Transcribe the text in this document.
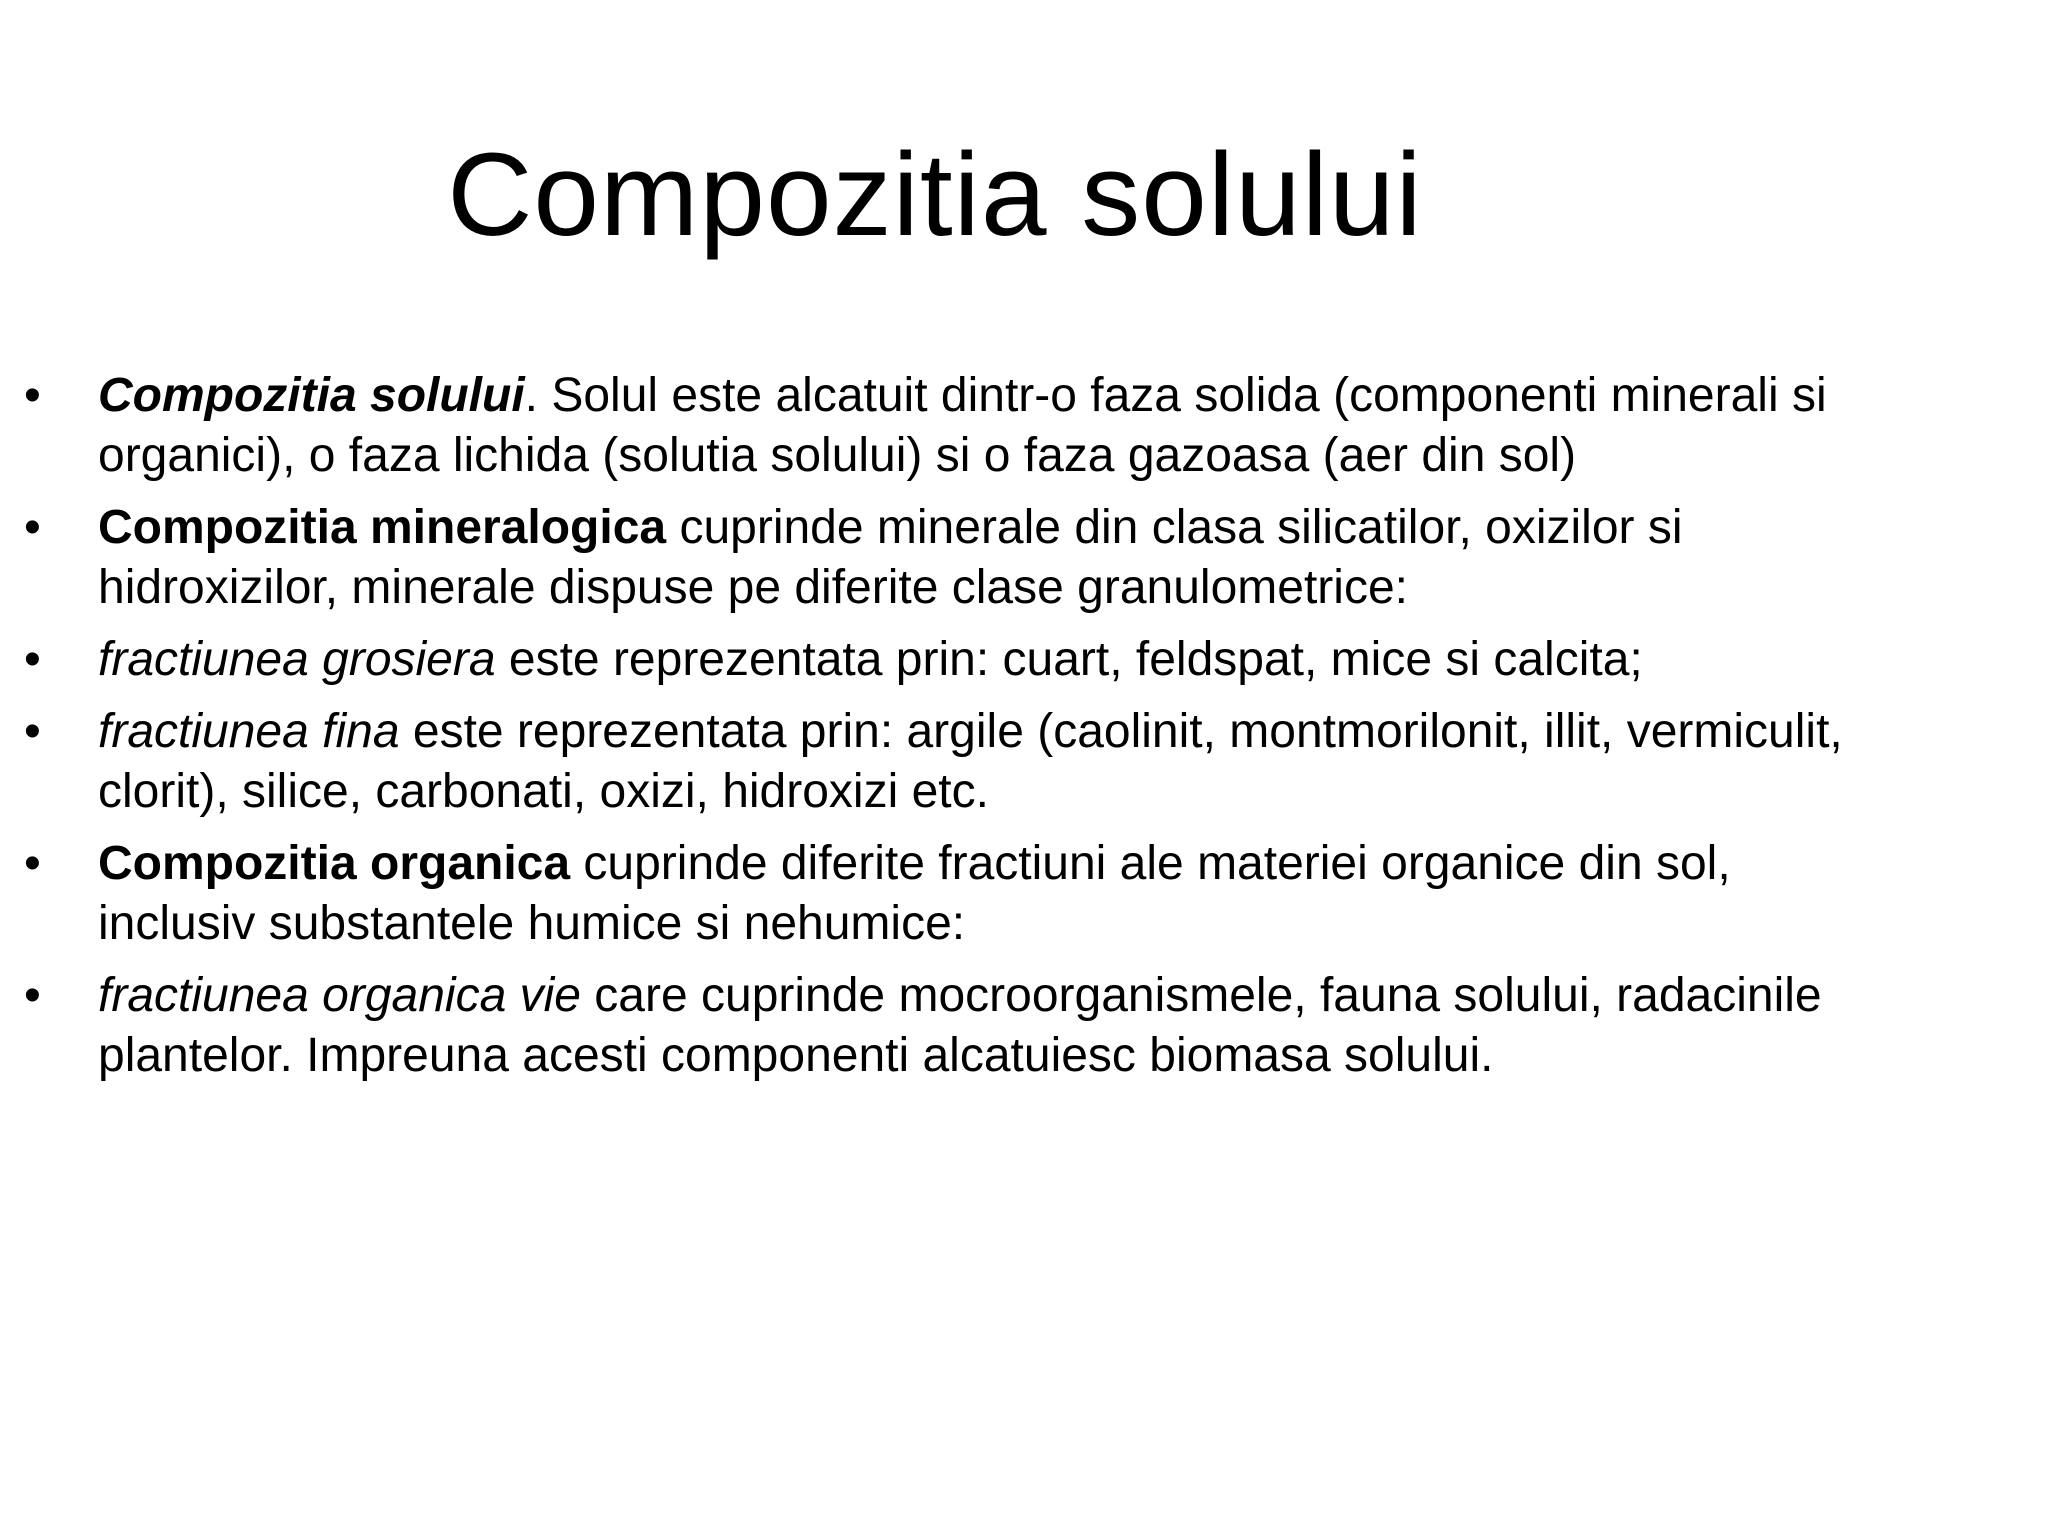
Compozitia solului
•	Compozitia solului. Solul este alcatuit dintr-o faza solida (componenti minerali si organici), o faza lichida (solutia solului) si o faza gazoasa (aer din sol)
•	Compozitia mineralogica cuprinde minerale din clasa silicatilor, oxizilor si hidroxizilor, minerale dispuse pe diferite clase granulometrice:
•	fractiunea grosiera este reprezentata prin: cuart, feldspat, mice si calcita;
•	fractiunea fina este reprezentata prin: argile (caolinit, montmorilonit, illit, vermiculit, clorit), silice, carbonati, oxizi, hidroxizi etc.
•	Compozitia organica cuprinde diferite fractiuni ale materiei organice din sol, inclusiv substantele humice si nehumice:
•	fractiunea organica vie care cuprinde mocroorganismele, fauna solului, radacinile plantelor. Impreuna acesti componenti alcatuiesc biomasa solului.
